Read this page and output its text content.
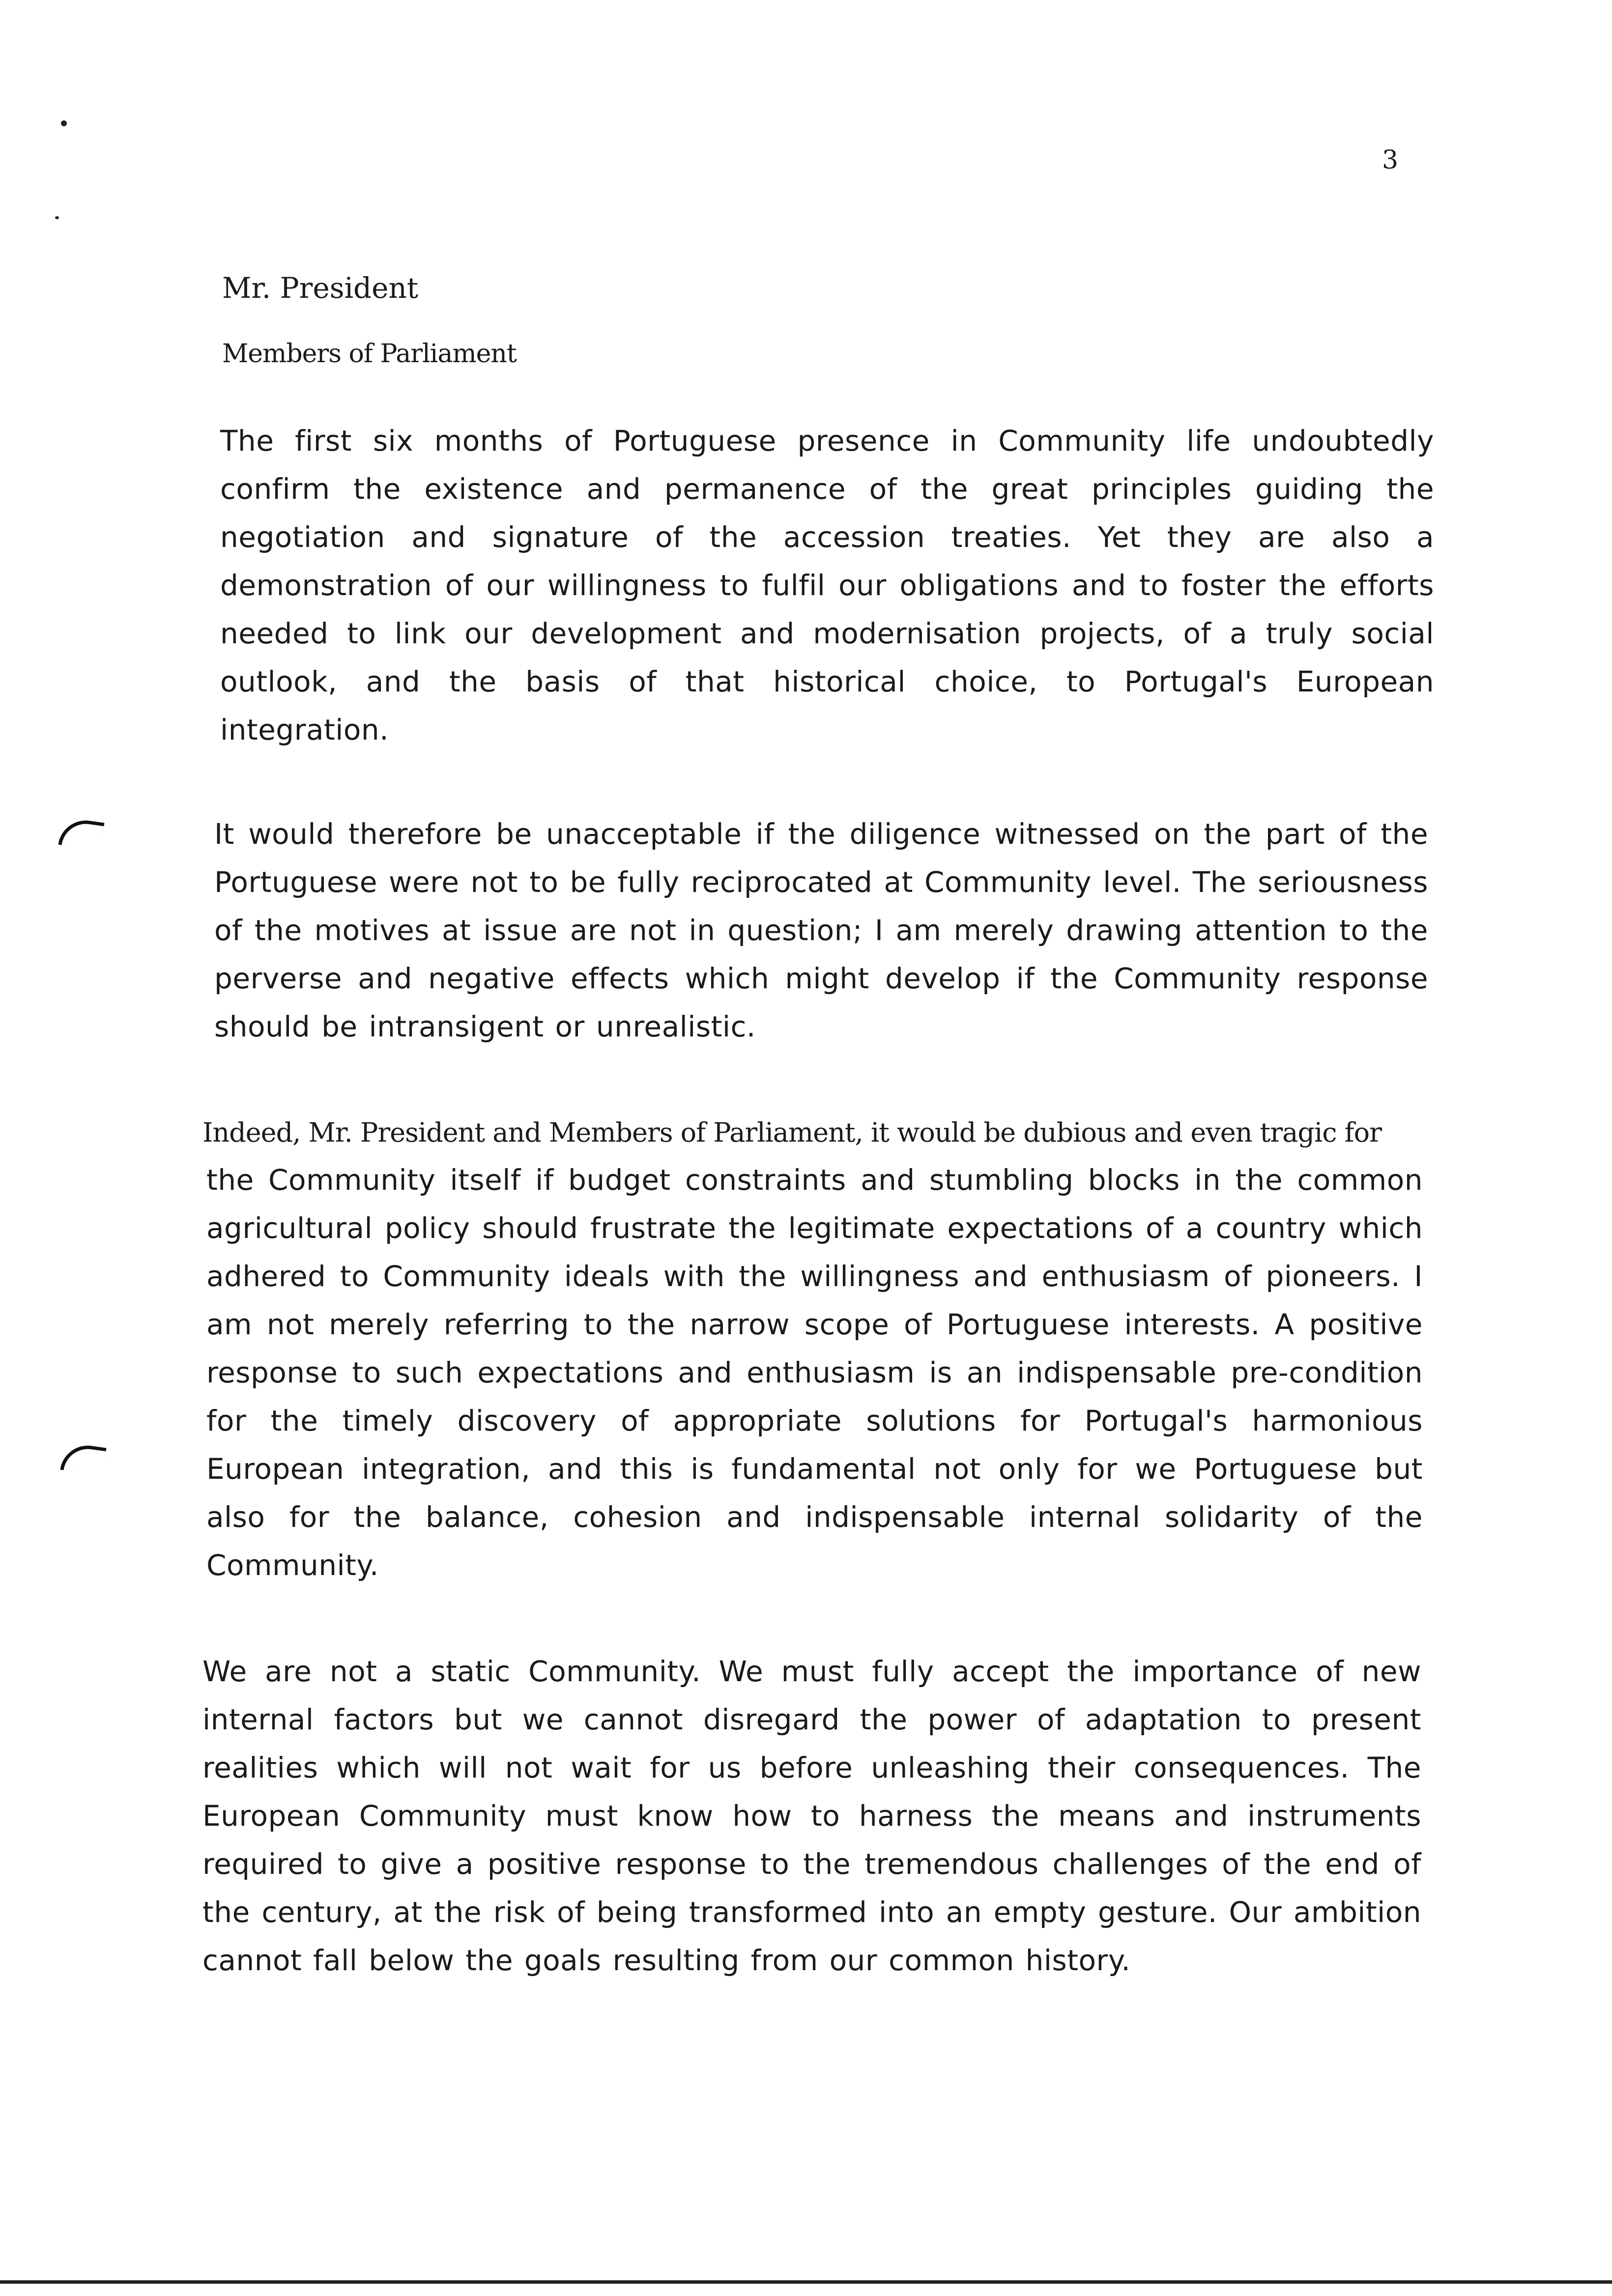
3
Mr. President
Members of Parliament
The first six months of Portuguese presence in Community life undoubtedly confirm the existence and permanence of the great principles guiding the negotiation and signature of the accession treaties. Yet they are also a demonstration of our willingness to fulfil our obligations and to foster the efforts needed to link our development and modernisation projects, of a truly social outlook, and the basis of that historical choice, to Portugal's European integration.
It would therefore be unacceptable if the diligence witnessed on the part of the Portuguese were not to be fully reciprocated at Community level. The seriousness of the motives at issue are not in question; I am merely drawing attention to the perverse and negative effects which might develop if the Community response should be intransigent or unrealistic.
Indeed, Mr. President and Members of Parliament, it would be dubious and even tragic for
the Community itself if budget constraints and stumbling blocks in the common agricultural policy should frustrate the legitimate expectations of a country which adhered to Community ideals with the willingness and enthusiasm of pioneers. I am not merely referring to the narrow scope of Portuguese interests. A positive response to such expectations and enthusiasm is an indispensable pre-condition for the timely discovery of appropriate solutions for Portugal's harmonious European integration, and this is fundamental not only for we Portuguese but also for the balance, cohesion and indispensable internal solidarity of the Community.
We are not a static Community. We must fully accept the importance of new internal factors but we cannot disregard the power of adaptation to present realities which will not wait for us before unleashing their consequences. The European Community must know how to harness the means and instruments required to give a positive response to the tremendous challenges of the end of the century, at the risk of being transformed into an empty gesture. Our ambition cannot fall below the goals resulting from our common history.
